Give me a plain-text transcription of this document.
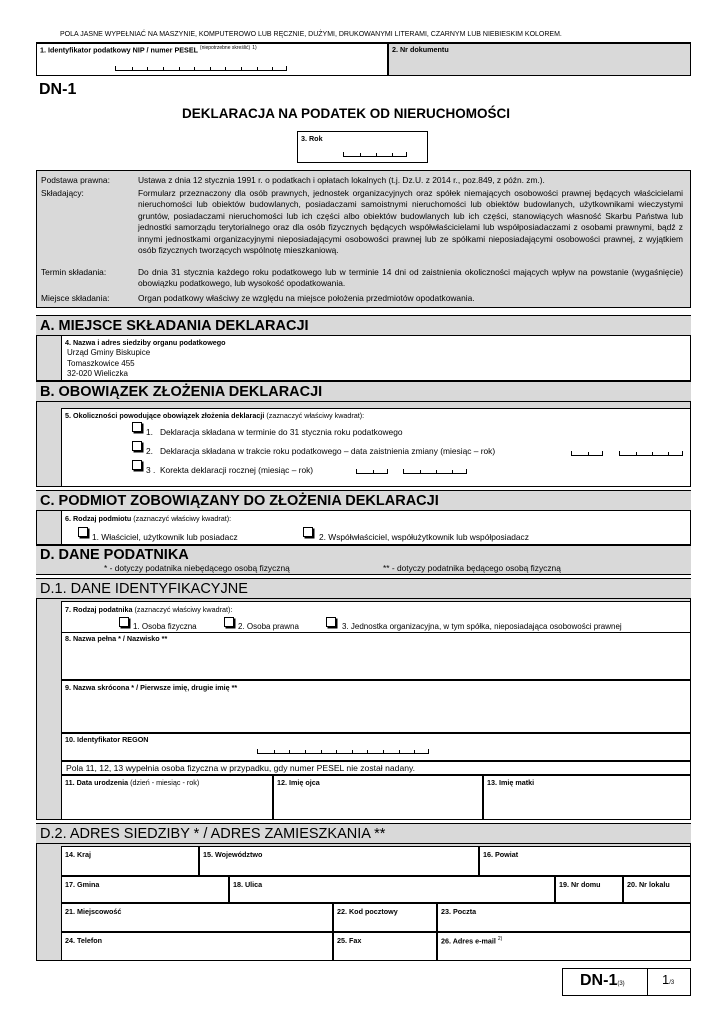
POLA JASNE WYPEŁNIAĆ NA MASZYNIE, KOMPUTEROWO LUB RĘCZNIE, DUŻYMI, DRUKOWANYMI LITERAMI, CZARNYM LUB NIEBIESKIM KOLOREM.
1. Identyfikator podatkowy NIP / numer PESEL $^{(niepotrzebne skreślić)}$ $^{1)}$	2. Nr dokumentu
DN-1
DEKLARACJA NA PODATEK OD NIERUCHOMOŚCI
3. Rok
Podstawa prawna:	Ustawa z dnia 12 stycznia 1991 r. o podatkach i opłatach lokalnych (t.j. Dz.U. z 2014 r., poz.849, z późn. zm.).
Składający:	Formularz przeznaczony dla osób prawnych, jednostek organizacyjnych oraz spółek niemających osobowości prawnej będących właścicielami nieruchomości lub obiektów budowlanych, posiadaczami samoistnymi nieruchomości lub obiektów budowlanych, użytkownikami wieczystymi gruntów, posiadaczami nieruchomości lub ich części albo obiektów budowlanych lub ich części, stanowiących własność Skarbu Państwa lub jednostki samorządu terytorialnego oraz dla osób fizycznych będących współwłaścicielami lub współposiadaczami z osobami prawnymi, bądź z innymi jednostkami organizacyjnymi nieposiadającymi osobowości prawnej lub ze spółkami nieposiadającymi osobowości prawnej, z wyjątkiem osób fizycznych tworzących wspólnotę mieszkaniową.
Termin składania:	Do dnia 31 stycznia każdego roku podatkowego lub w terminie 14 dni od zaistnienia okoliczności mających wpływ na powstanie (wygaśnięcie) obowiązku podatkowego, lub wysokość opodatkowania.
Miejsce składania:	Organ podatkowy właściwy ze względu na miejsce położenia przedmiotów opodatkowania.
A. MIEJSCE SKŁADANIA DEKLARACJI
4. Nazwa i adres siedziby organu podatkowego
Urząd Gminy Biskupice
Tomaszkowice 455
32-020 Wieliczka
B. OBOWIĄZEK ZŁOŻENIA DEKLARACJI
5. Okoliczności powodujące obowiązek złożenia deklaracji (zaznaczyć właściwy kwadrat):
1. Deklaracja składana w terminie do 31 stycznia roku podatkowego
2. Deklaracja składana w trakcie roku podatkowego – data zaistnienia zmiany (miesiąc – rok)
3 . Korekta deklaracji rocznej (miesiąc – rok)
C. PODMIOT ZOBOWIĄZANY DO ZŁOŻENIA DEKLARACJI
6. Rodzaj podmiotu (zaznaczyć właściwy kwadrat):
1. Właściciel, użytkownik lub posiadacz	2. Współwłaściciel, współużytkownik lub współposiadacz
D. DANE PODATNIKA
* - dotyczy podatnika niebędącego osobą fizyczną	** - dotyczy podatnika będącego osobą fizyczną
D.1. DANE IDENTYFIKACYJNE
7. Rodzaj podatnika (zaznaczyć właściwy kwadrat):
1. Osoba fizyczna	2. Osoba prawna	3. Jednostka organizacyjna, w tym spółka, nieposiadająca osobowości prawnej
8. Nazwa pełna * / Nazwisko **
9. Nazwa skrócona * / Pierwsze imię, drugie imię **
10. Identyfikator REGON
Pola 11, 12, 13 wypełnia osoba fizyczna w przypadku, gdy numer PESEL nie został nadany.
11. Data urodzenia (dzień - miesiąc - rok)	12. Imię ojca	13. Imię matki
D.2. ADRES SIEDZIBY * / ADRES ZAMIESZKANIA **
14. Kraj	15. Województwo	16. Powiat
17. Gmina	18. Ulica	19. Nr domu	20. Nr lokalu
21. Miejscowość	22. Kod pocztowy	23. Poczta
24. Telefon	25. Fax	26. Adres e-mail $^{2)}$
DN-1(3)	1/3
